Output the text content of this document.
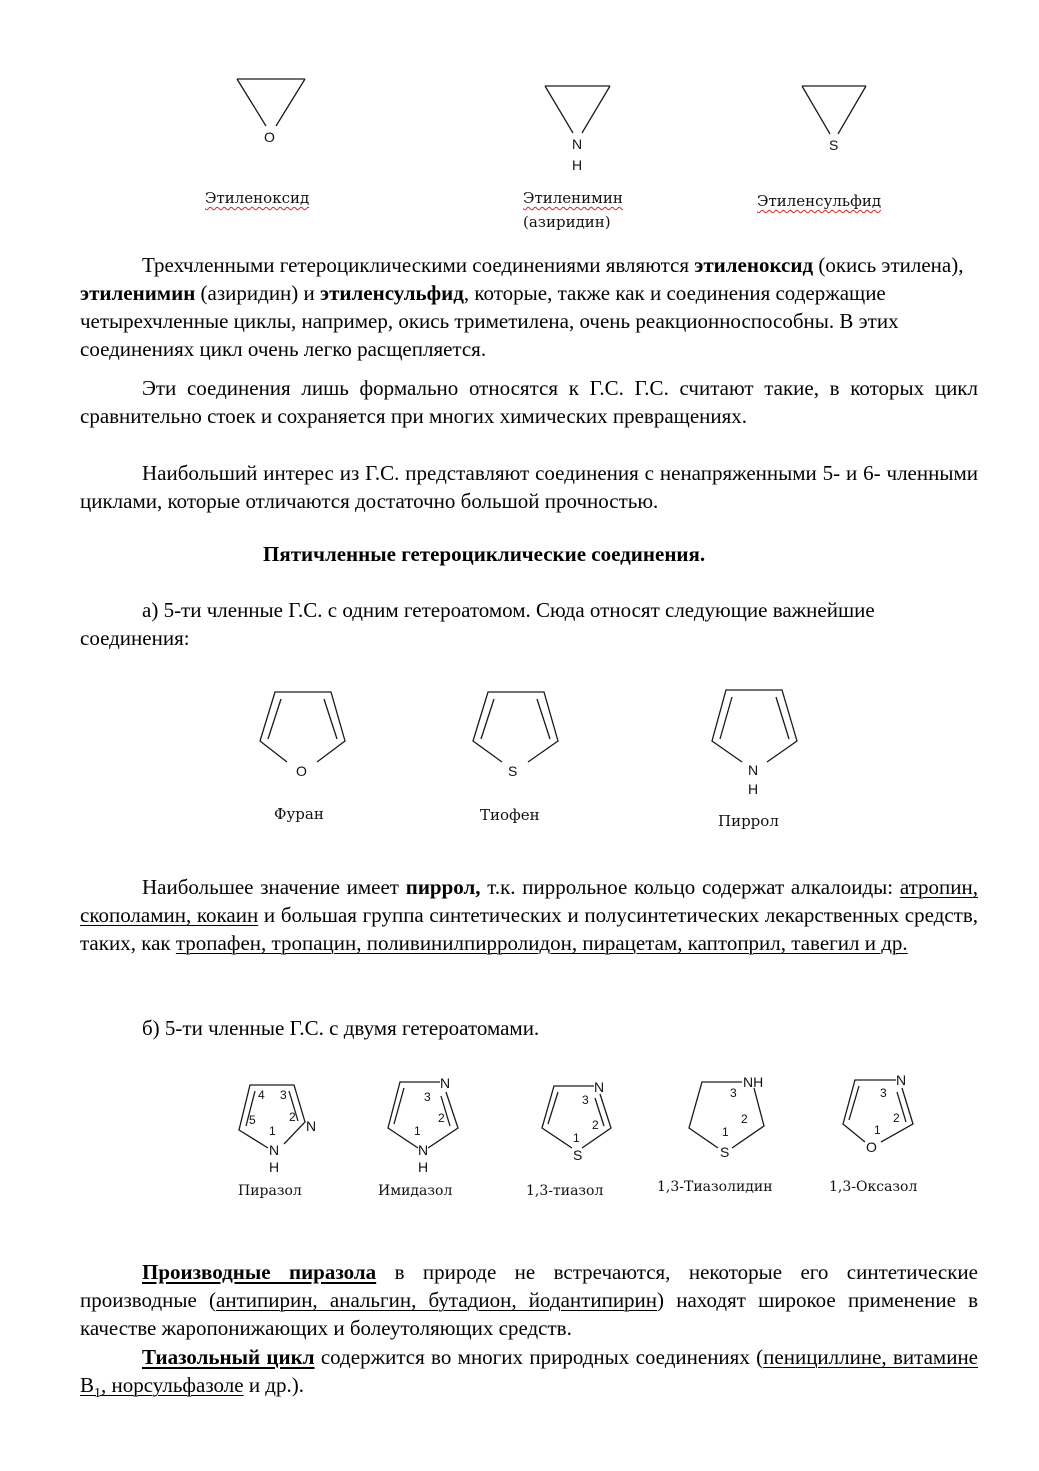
O	N
H
S
Этиленоксид	Этиленимин
(азиридин)
Этиленсульфид

Трехчленными гетероциклическими соединениями являются этиленоксид (окись этилена), этиленимин (азиридин) и этиленсульфид, которые, также как и соединения содержащие четырехчленные циклы, например, окись триметилена, очень реакционноспособны. В этих соединениях цикл очень легко расщепляется.

Эти соединения лишь формально относятся к Г.С. Г.С. считают такие, в которых цикл сравнительно стоек и сохраняется при многих химических превращениях.

Наибольший интерес из Г.С. представляют соединения с ненапряженными 5- и 6- членными циклами, которые отличаются достаточно большой прочностью.

Пятичленные гетероциклические соединения.

а) 5-ти членные Г.С. с одним гетероатомом. Сюда относят следующие важнейшие соединения:

O	S	N
H
Фуран	Тиофен	Пиррол

Наибольшее значение имеет пиррол, т.к. пиррольное кольцо содержат алкалоиды: атропин, скополамин, кокаин и большая группа синтетических и полусинтетических лекарственных средств, таких, как тропафен, тропацин, поливинилпирролидон, пирацетам, каптоприл, тавегил и др.

б) 5-ти членные Г.С. с двумя гетероатомами.

N
N
H
4 3
5	2
1
N
N
H
3
2
1
N
S
3
2
1
NH
S
3
2
1
N
O
3
2
1
Пиразол	Имидазол	1,3-тиазол	1,3-Тиазолидин	1,3-Оксазол

Производные пиразола в природе не встречаются, некоторые его синтетические производные (антипирин, анальгин, бутадион, йодантипирин) находят широкое применение в качестве жаропонижающих и болеутоляющих средств.

Тиазольный цикл содержится во многих природных соединениях (пенициллине, витамине $В_1$, норсульфазоле и др.).
